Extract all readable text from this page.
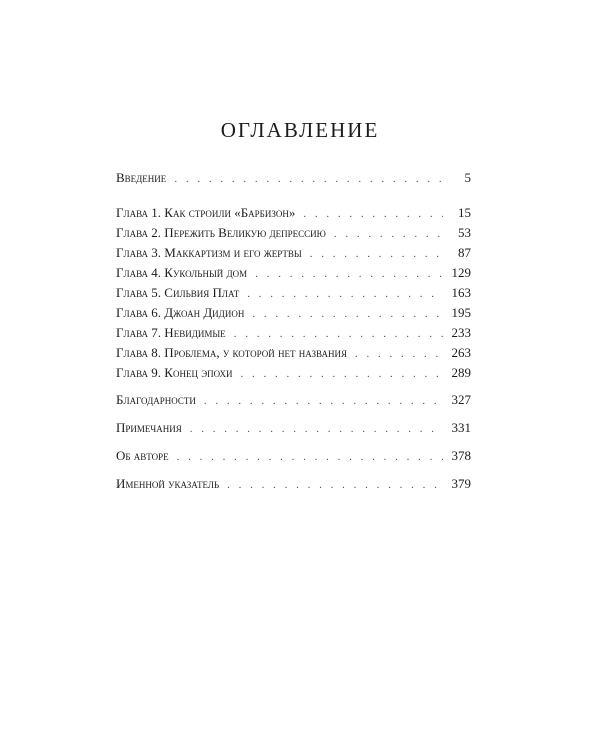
ОГЛАВЛЕНИЕ
Введение . . .	5
Глава 1. Как строили «Барбизон» . . .	15
Глава 2. Пережить Великую депрессию . . .	53
Глава 3. Маккартизм и его жертвы . . .	87
Глава 4. Кукольный дом . . .	129
Глава 5. Сильвия Плат . . .	163
Глава 6. Джоан Дидион . . .	195
Глава 7. Невидимые . . .	233
Глава 8. Проблема, у которой нет названия . . .	263
Глава 9. Конец эпохи . . .	289
Благодарности . . .	327
Примечания . . .	331
Об авторе . . .	378
Именной указатель . . .	379
